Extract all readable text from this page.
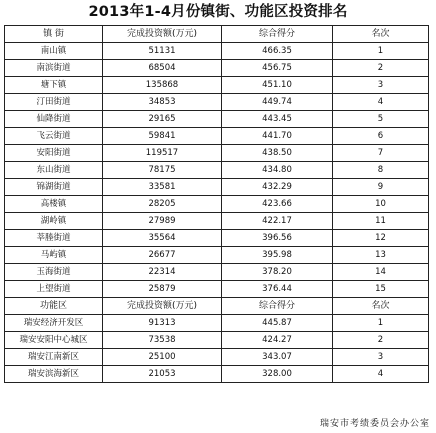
2013年1-4月份镇街、功能区投资排名
镇 街	完成投资额(万元)	综合得分	名次
南山镇	51131	466.35	1
南滨街道	68504	456.75	2
塘下镇	135868	451.10	3
汀田街道	34853	449.74	4
仙降街道	29165	443.45	5
飞云街道	59841	441.70	6
安阳街道	119517	438.50	7
东山街道	78175	434.80	8
锦湖街道	33581	432.29	9
高楼镇	28205	423.66	10
湖岭镇	27989	422.17	11
莘塍街道	35564	396.56	12
马屿镇	26677	395.98	13
玉海街道	22314	378.20	14
上望街道	25879	376.44	15
功能区	完成投资额(万元)	综合得分	名次
瑞安经济开发区	91313	445.87	1
瑞安安阳中心城区	73538	424.27	2
瑞安江南新区	25100	343.07	3
瑞安滨海新区	21053	328.00	4
瑞安市考绩委员会办公室
